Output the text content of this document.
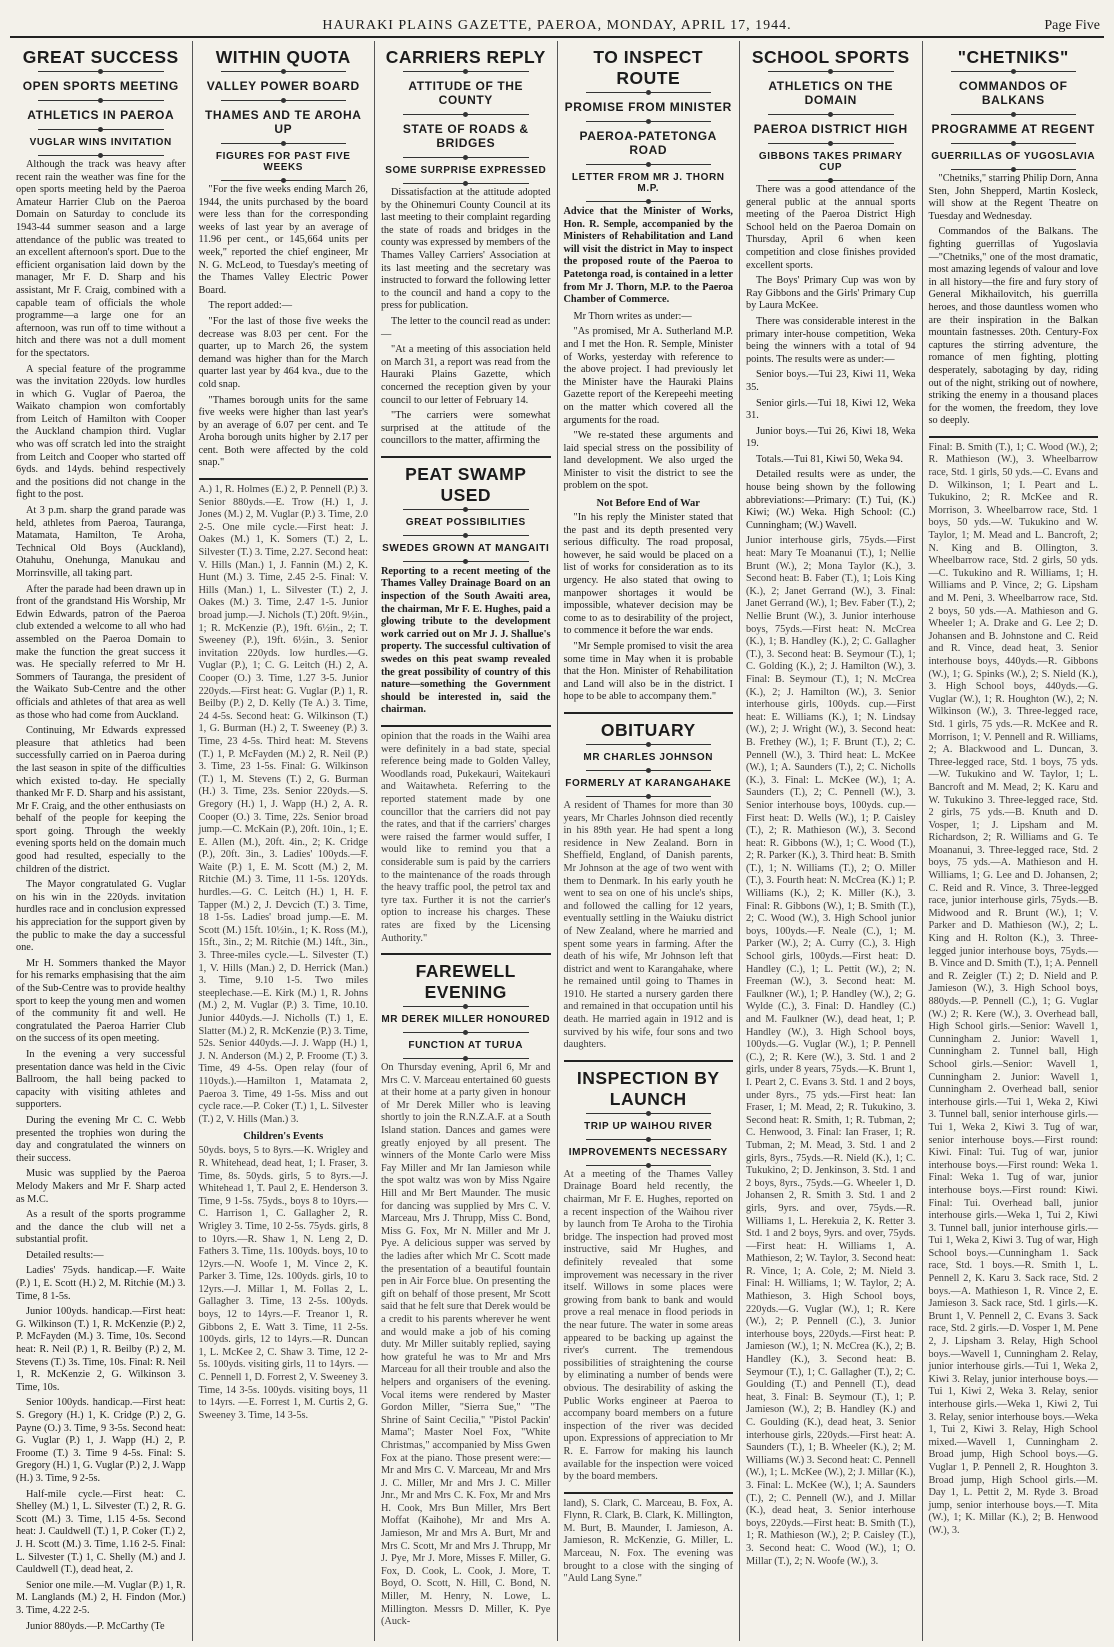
HAURAKI PLAINS GAZETTE, PAEROA, MONDAY, APRIL 17, 1944.	Page Five
GREAT SUCCESS
OPEN SPORTS MEETING
ATHLETICS IN PAEROA
VUGLAR WINS INVITATION

Although the track was heavy after recent rain the weather was fine for the open sports meeting held by the Paeroa Amateur Harrier Club on the Paeroa Domain on Saturday to conclude its 1943-44 summer season and a large attendance of the public was treated to an excellent afternoon's sport. Due to the efficient organisation laid down by the manager, Mr F. D. Sharp and his assistant, Mr F. Craig, combined with a capable team of officials the whole programme—a large one for an afternoon, was run off to time without a hitch and there was not a dull moment for the spectators.

A special feature of the programme was the invitation 220yds. low hurdles in which G. Vuglar of Paeroa, the Waikato champion won comfortably from Leitch of Hamilton with Cooper the Auckland champion third. Vuglar who was off scratch led into the straight from Leitch and Cooper who started off 6yds. and 14yds. behind respectively and the positions did not change in the fight to the post.

At 3 p.m. sharp the grand parade was held, athletes from Paeroa, Tauranga, Matamata, Hamilton, Te Aroha, Technical Old Boys (Auckland), Otahuhu, Onehunga, Manukau and Morrinsville, all taking part.

After the parade had been drawn up in front of the grandstand His Worship, Mr Edwin Edwards, patron of the Paeroa club extended a welcome to all who had assembled on the Paeroa Domain to make the function the great success it was. He specially referred to Mr H. Sommers of Tauranga, the president of the Waikato Sub-Centre and the other officials and athletes of that area as well as those who had come from Auckland.

Continuing, Mr Edwards expressed pleasure that athletics had been successfully carried on in Paeroa during the last season in spite of the difficulties which existed to-day. He specially thanked Mr F. D. Sharp and his assistant, Mr F. Craig, and the other enthusiasts on behalf of the people for keeping the sport going. Through the weekly evening sports held on the domain much good had resulted, especially to the children of the district.

The Mayor congratulated G. Vuglar on his win in the 220yds. invitation hurdles race and in conclusion expressed his appreciation for the support given by the public to make the day a successful one.

Mr H. Sommers thanked the Mayor for his remarks emphasising that the aim of the Sub-Centre was to provide healthy sport to keep the young men and women of the community fit and well. He congratulated the Paeroa Harrier Club on the success of its open meeting.

In the evening a very successful presentation dance was held in the Civic Ballroom, the hall being packed to capacity with visiting athletes and supporters.

During the evening Mr C. C. Webb presented the trophies won during the day and congratulated the winners on their success.

Music was supplied by the Paeroa Melody Makers and Mr F. Sharp acted as M.C.

As a result of the sports programme and the dance the club will net a substantial profit.

Detailed results:—

Ladies' 75yds. handicap.—F. Waite (P.) 1, E. Scott (H.) 2, M. Ritchie (M.) 3. Time, 8 1-5s.

Junior 100yds. handicap.—First heat: G. Wilkinson (T.) 1, R. McKenzie (P.) 2, P. McFayden (M.) 3. Time, 10s. Second heat: R. Neil (P.) 1, R. Beilby (P.) 2, M. Stevens (T.) 3s. Time, 10s. Final: R. Neil 1, R. McKenzie 2, G. Wilkinson 3. Time, 10s.

Senior 100yds. handicap.—First heat: S. Gregory (H.) 1, K. Cridge (P.) 2, G. Payne (O.) 3. Time, 9 3-5s. Second heat: G. Vuglar (P.) 1, J. Wapp (H.) 2, P. Froome (T.) 3. Time 9 4-5s. Final: S. Gregory (H.) 1, G. Vuglar (P.) 2, J. Wapp (H.) 3. Time, 9 2-5s.

Half-mile cycle.—First heat: C. Shelley (M.) 1, L. Silvester (T.) 2, R. G. Scott (M.) 3. Time, 1.15 4-5s. Second heat: J. Cauldwell (T.) 1, P. Coker (T.) 2, J. H. Scott (M.) 3. Time, 1.16 2-5. Final: L. Silvester (T.) 1, C. Shelly (M.) and J. Cauldwell (T.), dead heat, 2.

Senior one mile.—M. Vuglar (P.) 1, R. M. Langlands (M.) 2, H. Findon (Mor.) 3. Time, 4.22 2-5.

Junior 880yds.—P. McCarthy (Te

WITHIN QUOTA
VALLEY POWER BOARD
THAMES AND TE AROHA UP
FIGURES FOR PAST FIVE WEEKS

"For the five weeks ending March 26, 1944, the units purchased by the board were less than for the corresponding weeks of last year by an average of 11.96 per cent., or 145,664 units per week," reported the chief engineer, Mr N. G. McLeod, to Tuesday's meeting of the Thames Valley Electric Power Board.

The report added:—

"For the last of those five weeks the decrease was 8.03 per cent. For the quarter, up to March 26, the system demand was higher than for the March quarter last year by 464 kva., due to the cold snap.

"Thames borough units for the same five weeks were higher than last year's by an average of 6.07 per cent. and Te Aroha borough units higher by 2.17 per cent. Both were affected by the cold snap."

A.) 1, R. Holmes (E.) 2, P. Pennell (P.) 3. Senior 880yds.—E. Trow (H.) 1, J. Jones (M.) 2, M. Vuglar (P.) 3. Time, 2.0 2-5. One mile cycle.—First heat: J. Oakes (M.) 1, K. Somers (T.) 2, L. Silvester (T.) 3. Time, 2.27. Second heat: V. Hills (Man.) 1, J. Fannin (M.) 2, K. Hunt (M.) 3. Time, 2.45 2-5. Final: V. Hills (Man.) 1, L. Silvester (T.) 2, J. Oakes (M.) 3. Time, 2.47 1-5. Junior broad jump.—J. Nichols (T.) 20ft. 9½in., 1; R. McKenzie (P.), 19ft. 6½in., 2; T. Sweeney (P.), 19ft. 6½in., 3. Senior invitation 220yds. low hurdles.—G. Vuglar (P.), 1; C. G. Leitch (H.) 2, A. Cooper (O.) 3. Time, 1.27 3-5. Junior 220yds.—First heat: G. Vuglar (P.) 1, R. Beilby (P.) 2, D. Kelly (Te A.) 3. Time, 24 4-5s. Second heat: G. Wilkinson (T.) 1, G. Burman (H.) 2, T. Sweeney (P.) 3. Time, 23 4-5s. Third heat: M. Stevens (T.) 1, P. McFayden (M.) 2, R. Neil (P.) 3. Time, 23 1-5s. Final: G. Wilkinson (T.) 1, M. Stevens (T.) 2, G. Burman (H.) 3. Time, 23s. Senior 220yds.—S. Gregory (H.) 1, J. Wapp (H.) 2, A. R. Cooper (O.) 3. Time, 22s. Senior broad jump.—C. McKain (P.), 20ft. 10in., 1; E. E. Allen (M.), 20ft. 4in., 2; K. Cridge (P.), 20ft. 3in., 3. Ladies' 100yds.—F. Waite (P.) 1, E. M. Scott (M.) 2, M. Ritchie (M.) 3. Time, 11 1-5s. 120Yds. hurdles.—G. C. Leitch (H.) 1, H. F. Tapper (M.) 2, J. Devcich (T.) 3. Time, 18 1-5s. Ladies' broad jump.—E. M. Scott (M.) 15ft. 10½in., 1; K. Ross (M.), 15ft., 3in., 2; M. Ritchie (M.) 14ft., 3in., 3. Three-miles cycle.—L. Silvester (T.) 1, V. Hills (Man.) 2, D. Herrick (Man.) 3. Time, 9.10 1-5. Two miles steeplechase.—E. Kirk (M.) 1, R. Johns (M.) 2, M. Vuglar (P.) 3. Time, 10.10. Junior 440yds.—J. Nicholls (T.) 1, E. Slatter (M.) 2, R. McKenzie (P.) 3. Time, 52s. Senior 440yds.—J. J. Wapp (H.) 1, J. N. Anderson (M.) 2, P. Froome (T.) 3. Time, 49 4-5s. Open relay (four of 110yds.).—Hamilton 1, Matamata 2, Paeroa 3. Time, 49 1-5s. Miss and out cycle race.—P. Coker (T.) 1, L. Silvester (T.) 2, V. Hills (Man.) 3.
Children's Events
50yds. boys, 5 to 8yrs.—K. Wrigley and R. Whitehead, dead heat, 1; I. Fraser, 3. Time, 8s. 50yds. girls, 5 to 8yrs.—J. Whitehead 1, T. Paul 2, E. Henderson 3. Time, 9 1-5s. 75yds., boys 8 to 10yrs.—C. Harrison 1, C. Gallagher 2, R. Wrigley 3. Time, 10 2-5s. 75yds. girls, 8 to 10yrs.—R. Shaw 1, N. Leng 2, D. Fathers 3. Time, 11s. 100yds. boys, 10 to 12yrs.—N. Woofe 1, M. Vince 2, K. Parker 3. Time, 12s. 100yds. girls, 10 to 12yrs.—J. Millar 1, M. Follas 2, L. Gallagher 3. Time, 13 2-5s. 100yds. boys, 12 to 14yrs.—F. Treanor 1, R. Gibbons 2, E. Watt 3. Time, 11 2-5s. 100yds. girls, 12 to 14yrs.—R. Duncan 1, L. McKee 2, C. Shaw 3. Time, 12 2-5s. 100yds. visiting girls, 11 to 14yrs. —C. Pennell 1, D. Forrest 2, V. Sweeney 3. Time, 14 3-5s. 100yds. visiting boys, 11 to 14yrs. —E. Forrest 1, M. Curtis 2, G. Sweeney 3. Time, 14 3-5s.
CARRIERS REPLY
ATTITUDE OF THE COUNTY
STATE OF ROADS & BRIDGES
SOME SURPRISE EXPRESSED

Dissatisfaction at the attitude adopted by the Ohinemuri County Council at its last meeting to their complaint regarding the state of roads and bridges in the county was expressed by members of the Thames Valley Carriers' Association at its last meeting and the secretary was instructed to forward the following letter to the council and hand a copy to the press for publication.

The letter to the council read as under:—

"At a meeting of this association held on March 31, a report was read from the Hauraki Plains Gazette, which concerned the reception given by your council to our letter of February 14.

"The carriers were somewhat surprised at the attitude of the councillors to the matter, affirming the

PEAT SWAMP USED
GREAT POSSIBILITIES
SWEDES GROWN AT MANGAITI
Reporting to a recent meeting of the Thames Valley Drainage Board on an inspection of the South Awaiti area, the chairman, Mr F. E. Hughes, paid a glowing tribute to the development work carried out on Mr J. J. Shallue's property. The successful cultivation of swedes on this peat swamp revealed the great possibility of country of this nature—something the Government should be interested in, said the chairman.
opinion that the roads in the Waihi area were definitely in a bad state, special reference being made to Golden Valley, Woodlands road, Pukekauri, Waitekauri and Waitawheta. Referring to the reported statement made by one councillor that the carriers did not pay the rates, and that if the carriers' charges were raised the farmer would suffer, I would like to remind you that a considerable sum is paid by the carriers to the maintenance of the roads through the heavy traffic pool, the petrol tax and tyre tax. Further it is not the carrier's option to increase his charges. These rates are fixed by the Licensing Authority."
FAREWELL EVENING
MR DEREK MILLER HONOURED
FUNCTION AT TURUA
On Thursday evening, April 6, Mr and Mrs C. V. Marceau entertained 60 guests at their home at a party given in honour of Mr Derek Miller who is leaving shortly to join the R.N.Z.A.F. at a South Island station. Dances and games were greatly enjoyed by all present. The winners of the Monte Carlo were Miss Fay Miller and Mr Ian Jamieson while the spot waltz was won by Miss Ngaire Hill and Mr Bert Maunder. The music for dancing was supplied by Mrs C. V. Marceau, Mrs J. Thrupp, Miss C. Bond, Miss G. Fox, Mr N. Miller and Mr J. Pye. A delicious supper was served by the ladies after which Mr C. Scott made the presentation of a beautiful fountain pen in Air Force blue. On presenting the gift on behalf of those present, Mr Scott said that he felt sure that Derek would be a credit to his parents wherever he went and would make a job of his coming duty. Mr Miller suitably replied, saying how grateful he was to Mr and Mrs Marceau for all their trouble and also the helpers and organisers of the evening. Vocal items were rendered by Master Gordon Miller, "Sierra Sue," "The Shrine of Saint Cecilia," "Pistol Packin' Mama"; Master Noel Fox, "White Christmas," accompanied by Miss Gwen Fox at the piano. Those present were:— Mr and Mrs C. V. Marceau, Mr and Mrs J. C. Miller, Mr and Mrs J. C. Miller Jnr., Mr and Mrs C. K. Fox, Mr and Mrs H. Cook, Mrs Bun Miller, Mrs Bert Moffat (Kaihohe), Mr and Mrs A. Jamieson, Mr and Mrs A. Burt, Mr and Mrs C. Scott, Mr and Mrs J. Thrupp, Mr J. Pye, Mr J. More, Misses F. Miller, G. Fox, D. Cook, L. Cook, J. More, T. Boyd, O. Scott, N. Hill, C. Bond, N. Miller, M. Henry, N. Lowe, L. Millington. Messrs D. Miller, K. Pye (Auck-
TO INSPECT ROUTE
PROMISE FROM MINISTER
PAEROA-PATETONGA ROAD
LETTER FROM MR J. THORN M.P.
Advice that the Minister of Works, Hon. R. Semple, accompanied by the Ministers of Rehabilitation and Land will visit the district in May to inspect the proposed route of the Paeroa to Patetonga road, is contained in a letter from Mr J. Thorn, M.P. to the Paeroa Chamber of Commerce.

Mr Thorn writes as under:—

"As promised, Mr A. Sutherland M.P. and I met the Hon. R. Semple, Minister of Works, yesterday with reference to the above project. I had previously let the Minister have the Hauraki Plains Gazette report of the Kerepeehi meeting on the matter which covered all the arguments for the road.

"We re-stated these arguments and laid special stress on the possibility of land development. We also urged the Minister to visit the district to see the problem on the spot.

Not Before End of War

"In his reply the Minister stated that the past and its depth presented very serious difficulty. The road proposal, however, he said would be placed on a list of works for consideration as to its urgency. He also stated that owing to manpower shortages it would be impossible, whatever decision may be come to as to desirability of the project, to commence it before the war ends.

"Mr Semple promised to visit the area some time in May when it is probable that the Hon. Minister of Rehabilitation and Land will also be in the district. I hope to be able to accompany them."

OBITUARY
MR CHARLES JOHNSON
FORMERLY AT KARANGAHAKE
A resident of Thames for more than 30 years, Mr Charles Johnson died recently in his 89th year. He had spent a long residence in New Zealand. Born in Sheffield, England, of Danish parents, Mr Johnson at the age of two went with them to Denmark. In his early youth he went to sea on one of his uncle's ships, and followed the calling for 12 years, eventually settling in the Waiuku district of New Zealand, where he married and spent some years in farming. After the death of his wife, Mr Johnson left that district and went to Karangahake, where he remained until going to Thames in 1910. He started a nursery garden there and remained in that occupation until his death. He married again in 1912 and is survived by his wife, four sons and two daughters.
INSPECTION BY LAUNCH
TRIP UP WAIHOU RIVER
IMPROVEMENTS NECESSARY
At a meeting of the Thames Valley Drainage Board held recently, the chairman, Mr F. E. Hughes, reported on a recent inspection of the Waihou river by launch from Te Aroha to the Tirohia bridge. The inspection had proved most instructive, said Mr Hughes, and definitely revealed that some improvement was necessary in the river itself. Willows in some places were growing from bank to bank and would prove a real menace in flood periods in the near future. The water in some areas appeared to be backing up against the river's current. The tremendous possibilities of straightening the course by eliminating a number of bends were obvious. The desirability of asking the Public Works engineer at Paeroa to accompany board members on a future inspection of the river was decided upon. Expressions of appreciation to Mr R. E. Farrow for making his launch available for the inspection were voiced by the board members.
land), S. Clark, C. Marceau, B. Fox, A. Flynn, R. Clark, B. Clark, K. Millington, M. Burt, B. Maunder, I. Jamieson, A. Jamieson, R. McKenzie, G. Miller, L. Marceau, N. Fox. The evening was brought to a close with the singing of "Auld Lang Syne."
SCHOOL SPORTS
ATHLETICS ON THE DOMAIN
PAEROA DISTRICT HIGH
GIBBONS TAKES PRIMARY CUP

There was a good attendance of the general public at the annual sports meeting of the Paeroa District High School held on the Paeroa Domain on Thursday, April 6 when keen competition and close finishes provided excellent sports.

The Boys' Primary Cup was won by Ray Gibbons and the Girls' Primary Cup by Laura McKee.

There was considerable interest in the primary inter-house competition, Weka being the winners with a total of 94 points. The results were as under:—

Senior boys.—Tui 23, Kiwi 11, Weka 35.

Senior girls.—Tui 18, Kiwi 12, Weka 31.

Junior boys.—Tui 26, Kiwi 18, Weka 19.

Totals.—Tui 81, Kiwi 50, Weka 94.

Detailed results were as under, the house being shown by the following abbreviations:—Primary: (T.) Tui, (K.) Kiwi; (W.) Weka. High School: (C.) Cunningham; (W.) Wavell.

Junior interhouse girls, 75yds.—First heat: Mary Te Moananui (T.), 1; Nellie Brunt (W.), 2; Mona Taylor (K.), 3. Second heat: B. Faber (T.), 1; Lois King (K.), 2; Janet Gerrand (W.), 3. Final: Janet Gerrand (W.), 1; Bev. Faber (T.), 2; Nellie Brunt (W.), 3. Junior interhouse boys, 75yds.—First heat: N. McCrea (K.), 1; B. Handley (K.), 2; C. Gallagher (T.), 3. Second heat: B. Seymour (T.), 1; C. Golding (K.), 2; J. Hamilton (W.), 3. Final: B. Seymour (T.), 1; N. McCrea (K.), 2; J. Hamilton (W.), 3. Senior interhouse girls, 100yds. cup.—First heat: E. Williams (K.), 1; N. Lindsay (W.), 2; J. Wright (W.), 3. Second heat: B. Frethey (W.), 1; F. Brunt (T.), 2; C. Pennell (W.), 3. Third heat: L. McKee (W.), 1; A. Saunders (T.), 2; C. Nicholls (K.), 3. Final: L. McKee (W.), 1; A. Saunders (T.), 2; C. Pennell (W.), 3. Senior interhouse boys, 100yds. cup.—First heat: D. Wells (W.), 1; P. Caisley (T.), 2; R. Mathieson (W.), 3. Second heat: R. Gibbons (W.), 1; C. Wood (T.), 2; R. Parker (K.), 3. Third heat: B. Smith (T.), 1; N. Williams (T.), 2; O. Miller (T.), 3. Fourth heat: N. McCrea (K.) 1; P. Williams (K.), 2; K. Miller (K.), 3. Final: R. Gibbons (W.), 1; B. Smith (T.), 2; C. Wood (W.), 3. High School junior boys, 100yds.—F. Neale (C.), 1; M. Parker (W.), 2; A. Curry (C.), 3. High School girls, 100yds.—First heat: D. Handley (C.), 1; L. Pettit (W.), 2; N. Freeman (W.), 3. Second heat: M. Faulkner (W.), 1; P. Handley (W.), 2; G. Wylde (C.), 3. Final: D. Handley (C.) and M. Faulkner (W.), dead heat, 1; P. Handley (W.), 3. High School boys, 100yds.—G. Vuglar (W.), 1; P. Pennell (C.), 2; R. Kere (W.), 3. Std. 1 and 2 girls, under 8 years, 75yds.—K. Brunt 1, I. Peart 2, C. Evans 3. Std. 1 and 2 boys, under 8yrs., 75 yds.—First heat: Ian Fraser, 1; M. Mead, 2; R. Tukukino, 3. Second heat: R. Smith, 1; R. Tubman, 2; C. Henwood, 3. Final: Ian Fraser, 1; R. Tubman, 2; M. Mead, 3. Std. 1 and 2 girls, 8yrs., 75yds.—R. Nield (K.), 1; C. Tukukino, 2; D. Jenkinson, 3. Std. 1 and 2 boys, 8yrs., 75yds.—G. Wheeler 1, D. Johansen 2, R. Smith 3. Std. 1 and 2 girls, 9yrs. and over, 75yds.—R. Williams 1, L. Herekuia 2, K. Retter 3. Std. 1 and 2 boys, 9yrs. and over, 75yds.—First heat: H. Williams 1, A. Mathieson, 2; W. Taylor, 3. Second heat: R. Vince, 1; A. Cole, 2; M. Nield 3. Final: H. Williams, 1; W. Taylor, 2; A. Mathieson, 3. High School boys, 220yds.—G. Vuglar (W.), 1; R. Kere (W.), 2; P. Pennell (C.), 3. Junior interhouse boys, 220yds.—First heat: P. Jamieson (W.), 1; N. McCrea (K.), 2; B. Handley (K.), 3. Second heat: B. Seymour (T.), 1; C. Gallagher (T.), 2; C. Goulding (T.) and Pennell (T.), dead heat, 3. Final: B. Seymour (T.), 1; P. Jamieson (W.), 2; B. Handley (K.) and C. Goulding (K.), dead heat, 3. Senior interhouse girls, 220yds.—First heat: A. Saunders (T.), 1; B. Wheeler (K.), 2; M. Williams (W.) 3. Second heat: C. Pennell (W.), 1; L. McKee (W.), 2; J. Millar (K.), 3. Final: L. McKee (W.), 1; A. Saunders (T.), 2; C. Pennell (W.), and J. Millar (K.), dead heat, 3. Senior interhouse boys, 220yds.—First heat: B. Smith (T.), 1; R. Mathieson (W.), 2; P. Caisley (T.), 3. Second heat: C. Wood (W.), 1; O. Millar (T.), 2; N. Woofe (W.), 3.
"CHETNIKS"
COMMANDOS OF BALKANS
PROGRAMME AT REGENT
GUERRILLAS OF YUGOSLAVIA

"Chetniks," starring Philip Dorn, Anna Sten, John Shepperd, Martin Kosleck, will show at the Regent Theatre on Tuesday and Wednesday.

Commandos of the Balkans. The fighting guerrillas of Yugoslavia—"Chetniks," one of the most dramatic, most amazing legends of valour and love in all history—the fire and fury story of General Mikhailovitch, his guerrilla heroes, and those dauntless women who are their inspiration in the Balkan mountain fastnesses. 20th. Century-Fox captures the stirring adventure, the romance of men fighting, plotting desperately, sabotaging by day, riding out of the night, striking out of nowhere, striking the enemy in a thousand places for the women, the freedom, they love so deeply.

Final: B. Smith (T.), 1; C. Wood (W.), 2; R. Mathieson (W.), 3. Wheelbarrow race, Std. 1 girls, 50 yds.—C. Evans and D. Wilkinson, 1; I. Peart and L. Tukukino, 2; R. McKee and R. Morrison, 3. Wheelbarrow race, Std. 1 boys, 50 yds.—W. Tukukino and W. Taylor, 1; M. Mead and L. Bancroft, 2; N. King and B. Ollington, 3. Wheelbarrow race, Std. 2 girls, 50 yds.—C. Tukukino and R. Williams, 1; H. Williams and P. Vince, 2; G. Lipsham and M. Peni, 3. Wheelbarrow race, Std. 2 boys, 50 yds.—A. Mathieson and G. Wheeler 1; A. Drake and G. Lee 2; D. Johansen and B. Johnstone and C. Reid and R. Vince, dead heat, 3. Senior interhouse boys, 440yds.—R. Gibbons (W.), 1; G. Spinks (W.), 2; S. Nield (K.), 3. High School boys, 440yds.—G. Vuglar (W.), 1; R. Houghton (W.), 2; N. Wilkinson (W.), 3. Three-legged race, Std. 1 girls, 75 yds.—R. McKee and R. Morrison, 1; V. Pennell and R. Williams, 2; A. Blackwood and L. Duncan, 3. Three-legged race, Std. 1 boys, 75 yds.—W. Tukukino and W. Taylor, 1; L. Bancroft and M. Mead, 2; K. Karu and W. Tukukino 3. Three-legged race, Std. 2 girls, 75 yds.—B. Knuth and D. Vosper, 1; J. Lipsham and M. Richardson, 2; R. Williams and G. Te Moananui, 3. Three-legged race, Std. 2 boys, 75 yds.—A. Mathieson and H. Williams, 1; G. Lee and D. Johansen, 2; C. Reid and R. Vince, 3. Three-legged race, junior interhouse girls, 75yds.—B. Midwood and R. Brunt (W.), 1; V. Parker and D. Mathieson (W.), 2; L. King and H. Rolton (K.), 3. Three-legged junior interhouse boys, 75yds.—B. Vince and D. Smith (T.), 1; A. Pennell and R. Zeigler (T.) 2; D. Nield and P. Jamieson (W.), 3. High School boys, 880yds.—P. Pennell (C.), 1; G. Vuglar (W.) 2; R. Kere (W.), 3. Overhead ball, High School girls.—Senior: Wavell 1, Cunningham 2. Junior: Wavell 1, Cunningham 2. Tunnel ball, High School girls.—Senior: Wavell 1, Cunningham 2. Junior: Wavell 1, Cunningham 2. Overhead ball, senior interhouse girls.—Tui 1, Weka 2, Kiwi 3. Tunnel ball, senior interhouse girls.—Tui 1, Weka 2, Kiwi 3. Tug of war, senior interhouse boys.—First round: Kiwi. Final: Tui. Tug of war, junior interhouse boys.—First round: Weka 1. Final: Weka 1. Tug of war, junior interhouse boys.—First round: Kiwi. Final: Tui. Overhead ball, junior interhouse girls.—Weka 1, Tui 2, Kiwi 3. Tunnel ball, junior interhouse girls.—Tui 1, Weka 2, Kiwi 3. Tug of war, High School boys.—Cunningham 1. Sack race, Std. 1 boys.—R. Smith 1, L. Pennell 2, K. Karu 3. Sack race, Std. 2 boys.—A. Mathieson 1, R. Vince 2, E. Jamieson 3. Sack race, Std. 1 girls.—K. Brunt 1, V. Pennell 2, C. Evans 3. Sack race, Std. 2 girls.—D. Vosper 1, M. Pene 2, J. Lipsham 3. Relay, High School boys.—Wavell 1, Cunningham 2. Relay, junior interhouse girls.—Tui 1, Weka 2, Kiwi 3. Relay, junior interhouse boys.—Tui 1, Kiwi 2, Weka 3. Relay, senior interhouse girls.—Weka 1, Kiwi 2, Tui 3. Relay, senior interhouse boys.—Weka 1, Tui 2, Kiwi 3. Relay, High School mixed.—Wavell 1, Cunningham 2. Broad jump, High School boys.—G. Vuglar 1, P. Pennell 2, R. Houghton 3. Broad jump, High School girls.—M. Day 1, L. Pettit 2, M. Ryde 3. Broad jump, senior interhouse boys.—T. Mita (W.), 1; K. Millar (K.), 2; B. Henwood (W.), 3.
